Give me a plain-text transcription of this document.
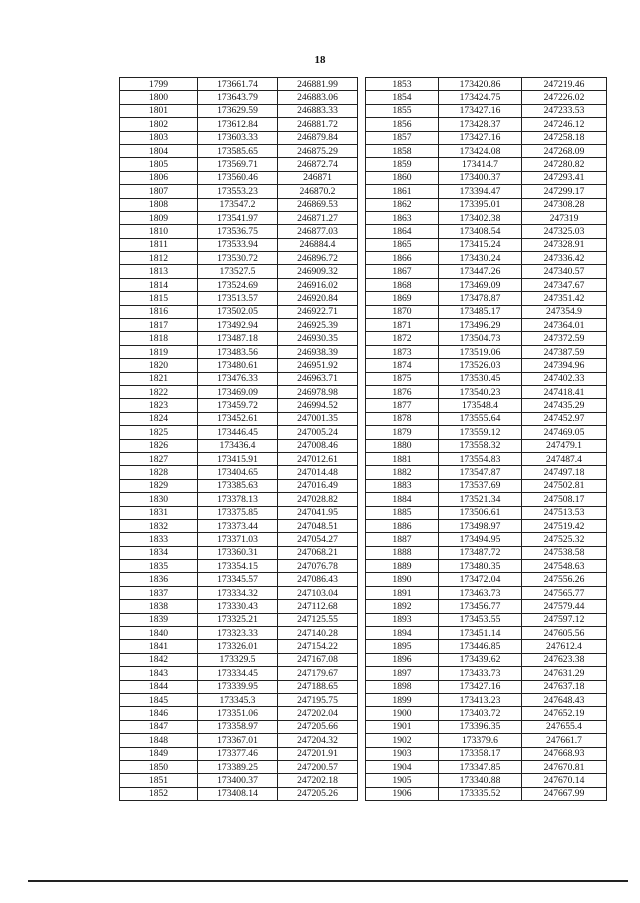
18
1799	173661.74	246881.99		1853	173420.86	247219.46
1800	173643.79	246883.06		1854	173424.75	247226.02
1801	173629.59	246883.33		1855	173427.16	247233.53
1802	173612.84	246881.72		1856	173428.37	247246.12
1803	173603.33	246879.84		1857	173427.16	247258.18
1804	173585.65	246875.29		1858	173424.08	247268.09
1805	173569.71	246872.74		1859	173414.7	247280.82
1806	173560.46	246871		1860	173400.37	247293.41
1807	173553.23	246870.2		1861	173394.47	247299.17
1808	173547.2	246869.53		1862	173395.01	247308.28
1809	173541.97	246871.27		1863	173402.38	247319
1810	173536.75	246877.03		1864	173408.54	247325.03
1811	173533.94	246884.4		1865	173415.24	247328.91
1812	173530.72	246896.72		1866	173430.24	247336.42
1813	173527.5	246909.32		1867	173447.26	247340.57
1814	173524.69	246916.02		1868	173469.09	247347.67
1815	173513.57	246920.84		1869	173478.87	247351.42
1816	173502.05	246922.71		1870	173485.17	247354.9
1817	173492.94	246925.39		1871	173496.29	247364.01
1818	173487.18	246930.35		1872	173504.73	247372.59
1819	173483.56	246938.39		1873	173519.06	247387.59
1820	173480.61	246951.92		1874	173526.03	247394.96
1821	173476.33	246963.71		1875	173530.45	247402.33
1822	173469.09	246978.98		1876	173540.23	247418.41
1823	173459.72	246994.52		1877	173548.4	247435.29
1824	173452.61	247001.35		1878	173555.64	247452.97
1825	173446.45	247005.24		1879	173559.12	247469.05
1826	173436.4	247008.46		1880	173558.32	247479.1
1827	173415.91	247012.61		1881	173554.83	247487.4
1828	173404.65	247014.48		1882	173547.87	247497.18
1829	173385.63	247016.49		1883	173537.69	247502.81
1830	173378.13	247028.82		1884	173521.34	247508.17
1831	173375.85	247041.95		1885	173506.61	247513.53
1832	173373.44	247048.51		1886	173498.97	247519.42
1833	173371.03	247054.27		1887	173494.95	247525.32
1834	173360.31	247068.21		1888	173487.72	247538.58
1835	173354.15	247076.78		1889	173480.35	247548.63
1836	173345.57	247086.43		1890	173472.04	247556.26
1837	173334.32	247103.04		1891	173463.73	247565.77
1838	173330.43	247112.68		1892	173456.77	247579.44
1839	173325.21	247125.55		1893	173453.55	247597.12
1840	173323.33	247140.28		1894	173451.14	247605.56
1841	173326.01	247154.22		1895	173446.85	247612.4
1842	173329.5	247167.08		1896	173439.62	247623.38
1843	173334.45	247179.67		1897	173433.73	247631.29
1844	173339.95	247188.65		1898	173427.16	247637.18
1845	173345.3	247195.75		1899	173413.23	247648.43
1846	173351.06	247202.04		1900	173403.72	247652.19
1847	173358.97	247205.66		1901	173396.35	247655.4
1848	173367.01	247204.32		1902	173379.6	247661.7
1849	173377.46	247201.91		1903	173358.17	247668.93
1850	173389.25	247200.57		1904	173347.85	247670.81
1851	173400.37	247202.18		1905	173340.88	247670.14
1852	173408.14	247205.26		1906	173335.52	247667.99
